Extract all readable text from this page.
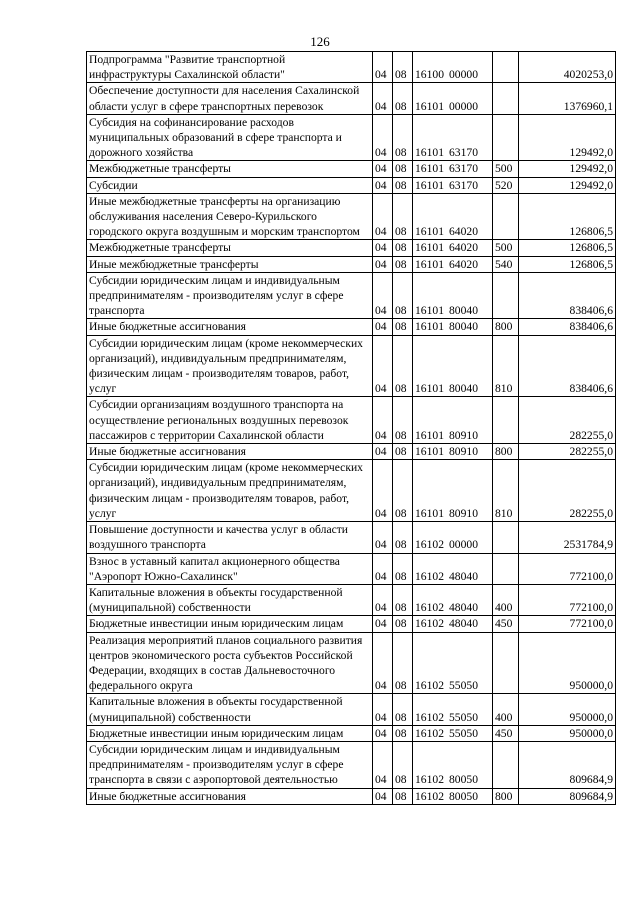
126
Подпрограмма "Развитие транспортной инфраструктуры Сахалинской области"	04	08	16100 00000		4020253,0
Обеспечение доступности для населения Сахалинской области услуг в сфере транспортных перевозок	04	08	16101 00000		1376960,1
Субсидия на софинансирование расходов муниципальных образований в сфере транспорта и дорожного хозяйства	04	08	16101 63170		129492,0
Межбюджетные трансферты	04	08	16101 63170	500	129492,0
Субсидии	04	08	16101 63170	520	129492,0
Иные межбюджетные трансферты на организацию обслуживания населения Северо-Курильского городского округа воздушным и морским транспортом	04	08	16101 64020		126806,5
Межбюджетные трансферты	04	08	16101 64020	500	126806,5
Иные межбюджетные трансферты	04	08	16101 64020	540	126806,5
Субсидии юридическим лицам и индивидуальным предпринимателям - производителям услуг в сфере транспорта	04	08	16101 80040		838406,6
Иные бюджетные ассигнования	04	08	16101 80040	800	838406,6
Субсидии юридическим лицам (кроме некоммерческих организаций), индивидуальным предпринимателям, физическим лицам - производителям товаров, работ, услуг	04	08	16101 80040	810	838406,6
Субсидии организациям воздушного транспорта на осуществление региональных воздушных перевозок пассажиров с территории Сахалинской области	04	08	16101 80910		282255,0
Иные бюджетные ассигнования	04	08	16101 80910	800	282255,0
Субсидии юридическим лицам (кроме некоммерческих организаций), индивидуальным предпринимателям, физическим лицам - производителям товаров, работ, услуг	04	08	16101 80910	810	282255,0
Повышение доступности и качества услуг в области воздушного транспорта	04	08	16102 00000		2531784,9
Взнос в уставный капитал акционерного общества "Аэропорт Южно-Сахалинск"	04	08	16102 48040		772100,0
Капитальные вложения в объекты государственной (муниципальной) собственности	04	08	16102 48040	400	772100,0
Бюджетные инвестиции иным юридическим лицам	04	08	16102 48040	450	772100,0
Реализация мероприятий планов социального развития центров экономического роста субъектов Российской Федерации, входящих в состав Дальневосточного федерального округа	04	08	16102 55050		950000,0
Капитальные вложения в объекты государственной (муниципальной) собственности	04	08	16102 55050	400	950000,0
Бюджетные инвестиции иным юридическим лицам	04	08	16102 55050	450	950000,0
Субсидии юридическим лицам и индивидуальным предпринимателям - производителям услуг в сфере транспорта в связи с аэропортовой деятельностью	04	08	16102 80050		809684,9
Иные бюджетные ассигнования	04	08	16102 80050	800	809684,9
